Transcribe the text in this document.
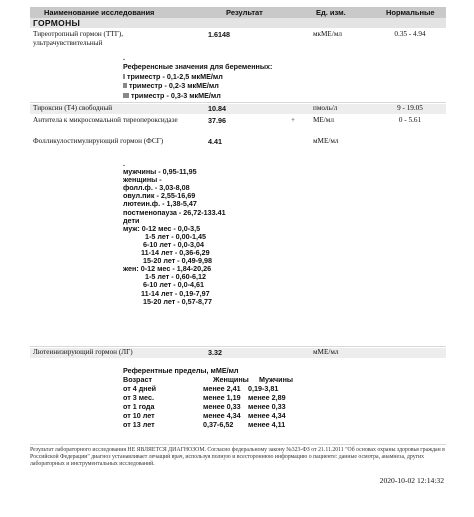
Наименование исследования	Результат	Ед. изм.	Нормальные
ГОРМОНЫ
Тиреотропный гормон (ТТГ), ультрачувствительный
1.6148	мкМЕ/мл	0.35 - 4.94
.
Референсные значения для беременных:
I триместр - 0,1-2,5 мкМЕ/мл
II триместр - 0,2-3 мкМЕ/мл
III триместр - 0,3-3 мкМЕ/мл
Тироксин (Т4) свободный	10.84	пмоль/л	9 - 19.05
Антитела к микросомальной тиреопероксидазе	37.96	+ МЕ/мл	0 - 5.61
Фолликулостимулирующий гормон (ФСГ)	4.41	мМЕ/мл
.
мужчины - 0,95-11,95
женщины -
фолл.ф. - 3,03-8,08
овул.пик - 2,55-16,69
лютеин.ф. - 1,38-5,47
постменопауза - 26,72-133.41
дети
муж: 0-12 мес - 0,0-3,5
1-5 лет - 0,00-1,45
6-10 лет - 0,0-3,04
11-14 лет - 0,36-6,29
15-20 лет - 0,49-9,98
жен: 0-12 мес - 1,84-20,26
1-5 лет - 0,60-6,12
6-10 лет - 0,0-4,61
11-14 лет - 0,19-7,97
15-20 лет - 0,57-8,77
Лютеинизирующий гормон (ЛГ)	3.32	мМЕ/мл
Референтные пределы, мМЕ/мл
Возраст	Женщины Мужчины
от 4 дней	менее 2,41 0,19-3,81
от 3 мес.	менее 1,19 менее 2,89
от 1 года	менее 0,33 менее 0,33
от 10 лет	менее 4,34 менее 4,34
от 13 лет	0,37-6,52 менее 4,11
Результат лабораторного исследования НЕ ЯВЛЯЕТСЯ ДИАГНОЗОМ. Согласно федеральному закону №323-ФЗ от 21.11.2011 "Об основах охраны здоровья граждан в Российской Федерации" диагноз устанавливает лечащий врач, используя полную и всестороннюю информацию о пациенте: данные осмотра, анамнеза, других лабораторных и инструментальных исследований.
2020-10-02 12:14:32
